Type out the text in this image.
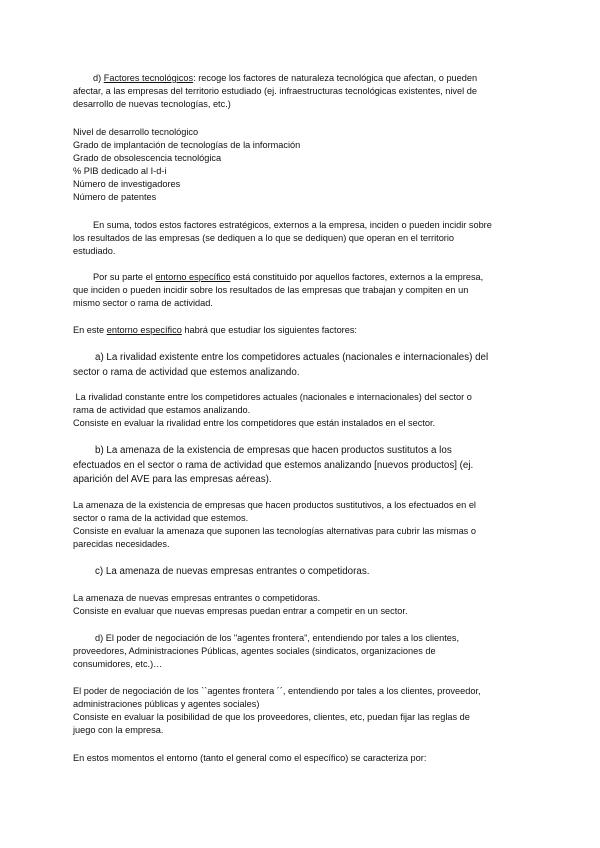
d) Factores tecnológicos: recoge los factores de naturaleza tecnológica que afectan, o pueden
afectar, a las empresas del territorio estudiado (ej. infraestructuras tecnológicas existentes, nivel de
desarrollo de nuevas tecnologías, etc.)
Nivel de desarrollo tecnológico
Grado de implantación de tecnologías de la información
Grado de obsolescencia tecnológica
% PIB dedicado al I-d-i
Número de investigadores
Número de patentes
En suma, todos estos factores estratégicos, externos a la empresa, inciden o pueden incidir sobre
los resultados de las empresas (se dediquen a lo que se dediquen) que operan en el territorio
estudiado.
Por su parte el entorno específico está constituido por aquellos factores, externos a la empresa,
que inciden o pueden incidir sobre los resultados de las empresas que trabajan y compiten en un
mismo sector o rama de actividad.
En este entorno específico habrá que estudiar los siguientes factores:
a) La rivalidad existente entre los competidores actuales (nacionales e internacionales) del
sector o rama de actividad que estemos analizando.
La rivalidad constante entre los competidores actuales (nacionales e internacionales) del sector o
rama de actividad que estamos analizando.
Consiste en evaluar la rivalidad entre los competidores que están instalados en el sector.
b) La amenaza de la existencia de empresas que hacen productos sustitutos a los
efectuados en el sector o rama de actividad que estemos analizando [nuevos productos] (ej.
aparición del AVE para las empresas aéreas).
La amenaza de la existencia de empresas que hacen productos sustitutivos, a los efectuados en el
sector o rama de la actividad que estemos.
Consiste en evaluar la amenaza que suponen las tecnologías alternativas para cubrir las mismas o
parecidas necesidades.
c) La amenaza de nuevas empresas entrantes o competidoras.
La amenaza de nuevas empresas entrantes o competidoras.
Consiste en evaluar que nuevas empresas puedan entrar a competir en un sector.
d) El poder de negociación de los "agentes frontera", entendiendo por tales a los clientes,
proveedores, Administraciones Públicas, agentes sociales (sindicatos, organizaciones de
consumidores, etc.)…
El poder de negociación de los ``agentes frontera ´´, entendiendo por tales a los clientes, proveedor,
administraciones públicas y agentes sociales)
Consiste en evaluar la posibilidad de que los proveedores, clientes, etc, puedan fijar las reglas de
juego con la empresa.
En estos momentos el entorno (tanto el general como el específico) se caracteriza por:
